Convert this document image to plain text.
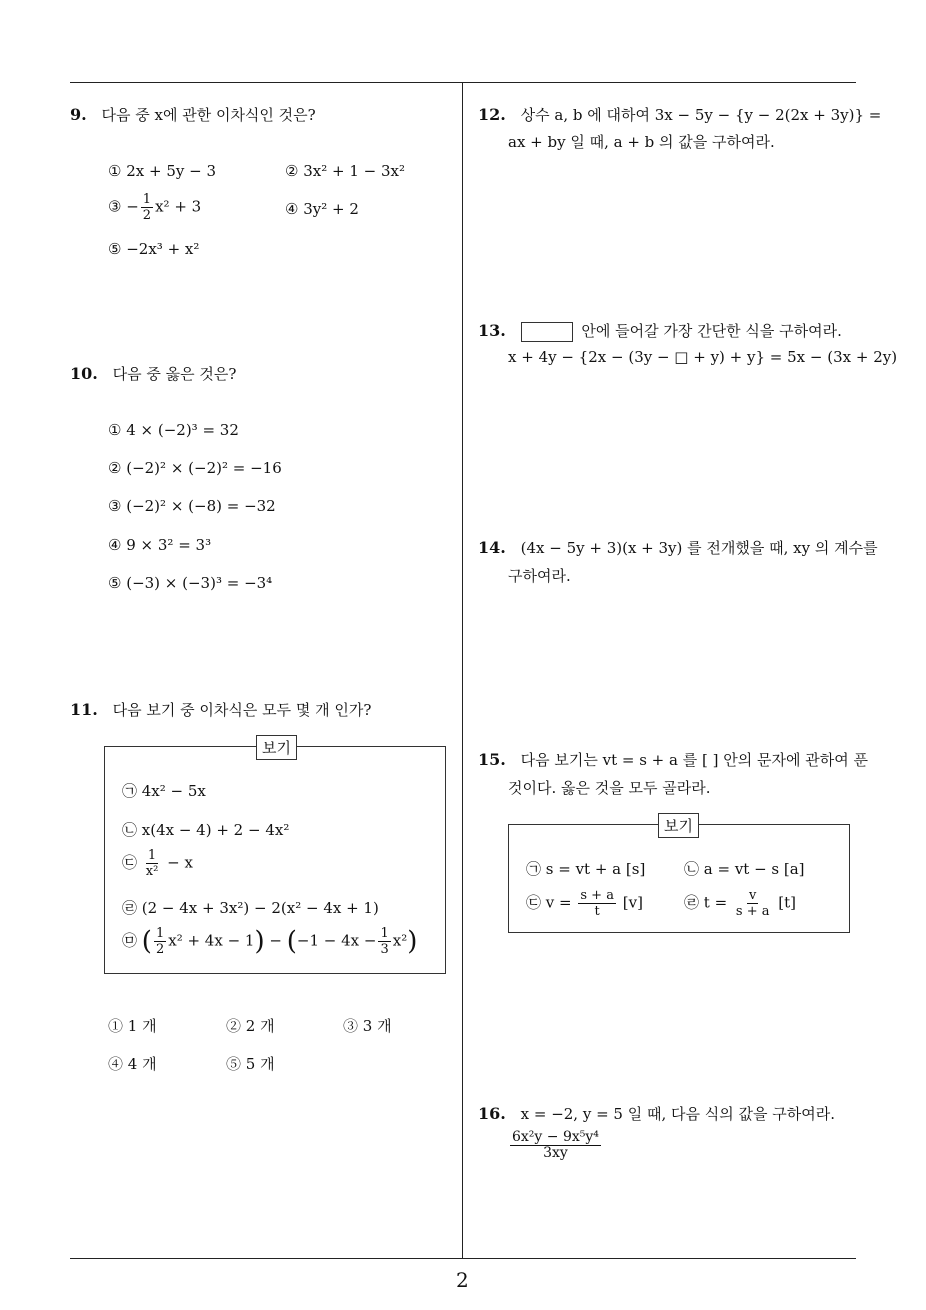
9. 다음 중 x에 관한 이차식인 것은?
① 2x + 5y − 3	② 3x² + 1 − 3x²
③ − $\frac{1}{2} x^2 + 3$	④ 3y² + 2
⑤ −2x³ + x²
10. 다음 중 옳은 것은?
① 4 × (−2)³ = 32
② (−2)² × (−2)² = −16
③ (−2)² × (−8) = −32
④ 9 × 3² = 3³
⑤ (−3) × (−3)³ = −3⁴
11. 다음 보기 중 이차식은 모두 몇 개 인가?
보기
㉠ 4x² − 5x
㉡ x(4x − 4) + 2 − 4x²
㉢ $\frac{1}{\text{x²}} - x$
㉣ (2 − 4x + 3x²) − 2(x² − 4x + 1)
㉤ ( $\frac{1}{2} x^2 + 4x - 1) - (-1 - 4x - \frac{1}{3} x^2)$
① 1 개	② 2 개	③ 3 개
④ 4 개	⑤ 5 개
12. 상수 a, b 에 대하여 3x − 5y − {y − 2(2x + 3y)} =
ax + by 일 때, a + b 의 값을 구하여라.
13.	안에 들어갈 가장 간단한 식을 구하여라.
x + 4y − {2x − (3y − □ + y) + y} = 5x − (3x + 2y)
14. (4x − 5y + 3)(x + 3y) 를 전개했을 때, xy 의 계수를
구하여라.
15. 다음 보기는 vt = s + a 를 [ ] 안의 문자에 관하여 푼
것이다. 옳은 것을 모두 골라라.
보기
㉠ s = vt + a [s]	㉡ a = vt − s [a]
㉢ $v = \frac{s + a}{t} [v]$	㉣ $t = \frac{v}{s + a} [t]$
16. x = −2, y = 5 일 때, 다음 식의 값을 구하여라.
$\frac{\text{6x²y − 9x⁵y⁴}}{3xy}$
2
